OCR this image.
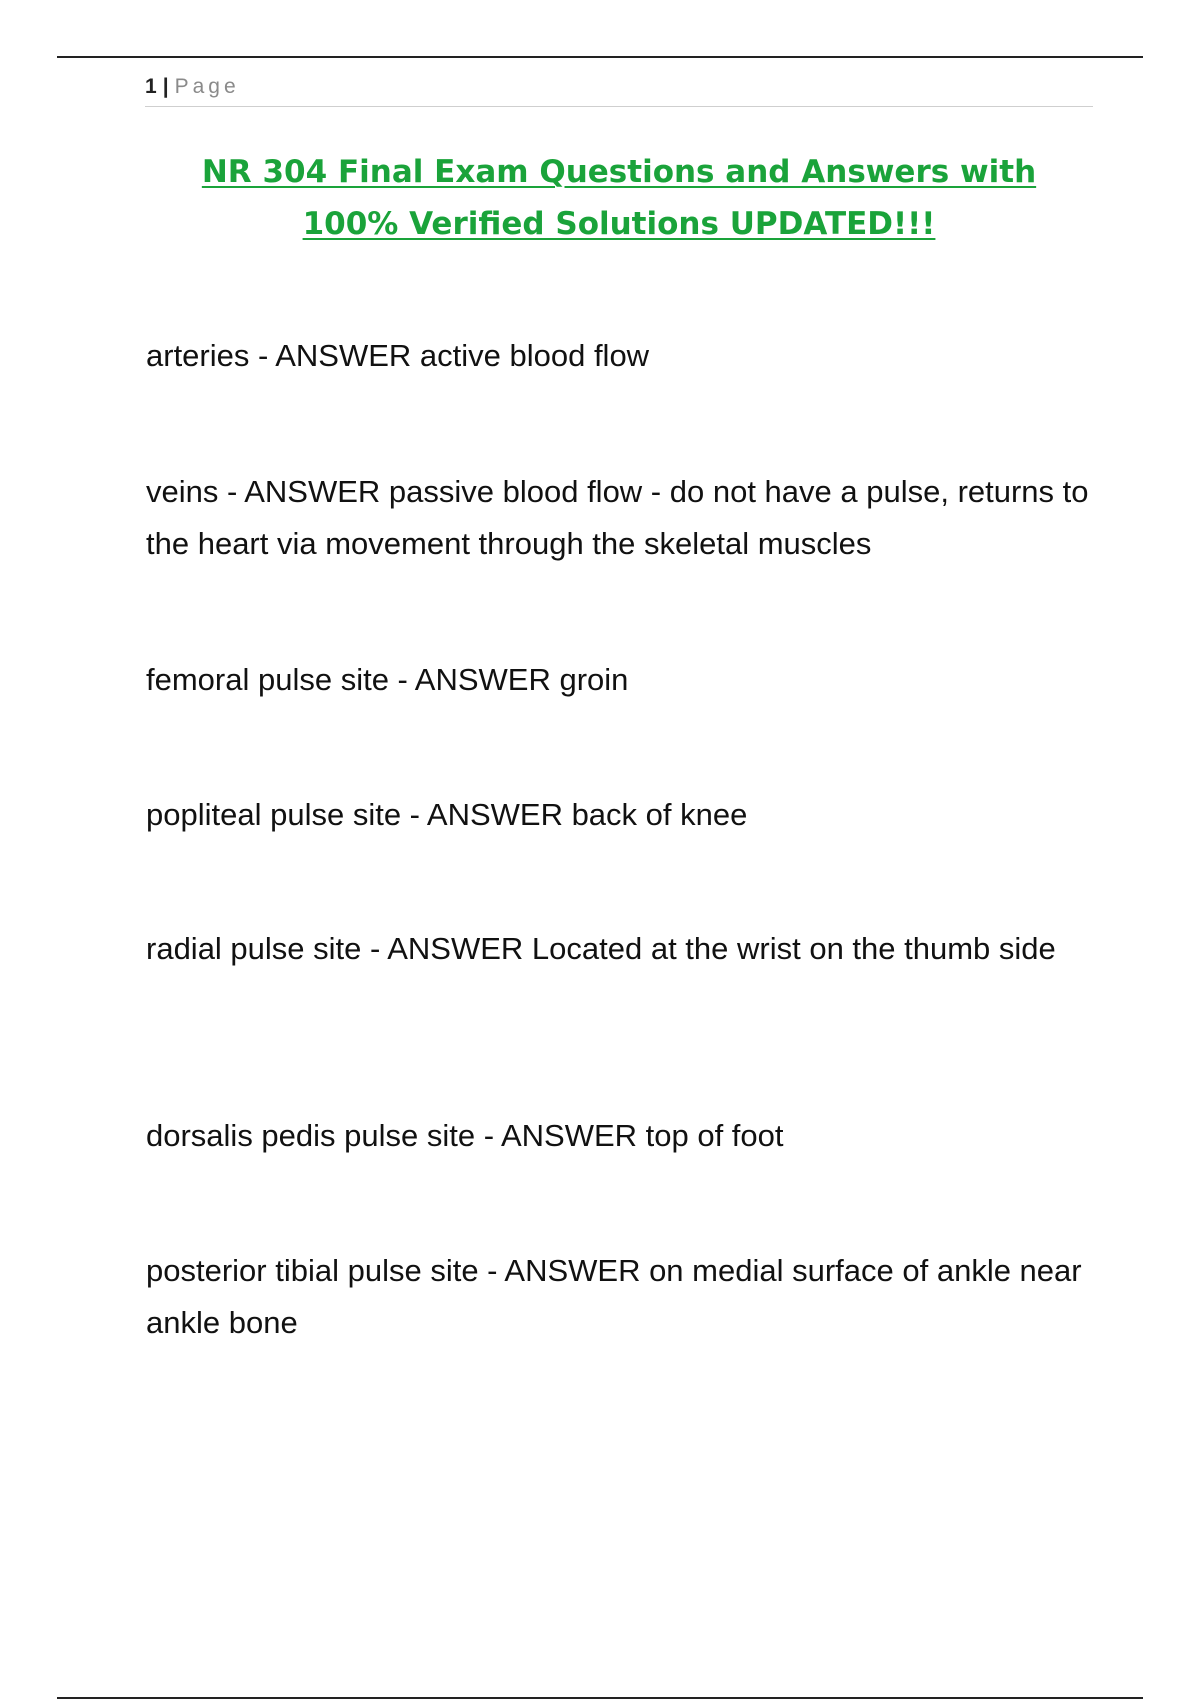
1 | Page
NR 304 Final Exam Questions and Answers with
100% Verified Solutions UPDATED!!!

arteries - ANSWER active blood flow

veins - ANSWER passive blood flow - do not have a pulse, returns to the heart via movement through the skeletal muscles

femoral pulse site - ANSWER groin

popliteal pulse site - ANSWER back of knee

radial pulse site - ANSWER Located at the wrist on the thumb side

dorsalis pedis pulse site - ANSWER top of foot

posterior tibial pulse site - ANSWER on medial surface of ankle near ankle bone
